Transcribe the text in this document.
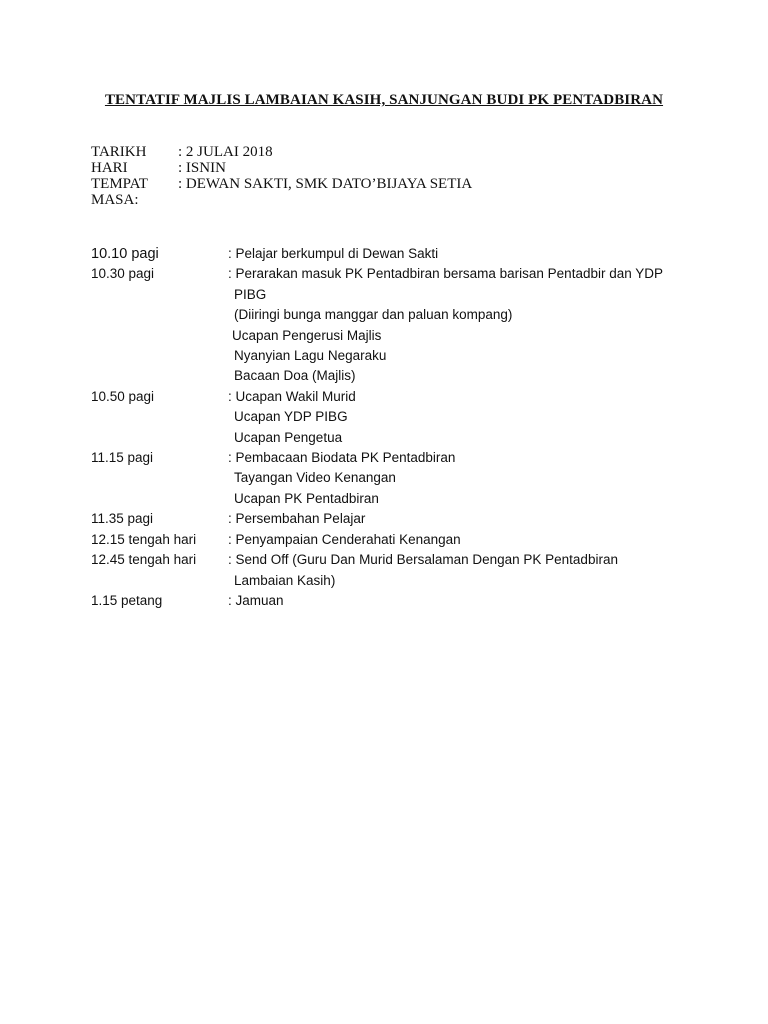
TENTATIF MAJLIS LAMBAIAN KASIH, SANJUNGAN BUDI PK PENTADBIRAN
TARIKH	: 2 JULAI 2018
HARI	: ISNIN
TEMPAT	: DEWAN SAKTI, SMK DATO’BIJAYA SETIA
MASA:
10.10 pagi	: Pelajar berkumpul di Dewan Sakti
10.30 pagi	: Perarakan masuk PK Pentadbiran bersama barisan Pentadbir dan YDP
PIBG
(Diiringi bunga manggar dan paluan kompang)
Ucapan Pengerusi Majlis
Nyanyian Lagu Negaraku
Bacaan Doa (Majlis)
10.50 pagi	: Ucapan Wakil Murid
Ucapan YDP PIBG
Ucapan Pengetua
11.15 pagi	: Pembacaan Biodata PK Pentadbiran
Tayangan Video Kenangan
Ucapan PK Pentadbiran
11.35 pagi	: Persembahan Pelajar
12.15 tengah hari	: Penyampaian Cenderahati Kenangan
12.45 tengah hari	: Send Off (Guru Dan Murid Bersalaman Dengan PK Pentadbiran
Lambaian Kasih)
1.15 petang	: Jamuan
